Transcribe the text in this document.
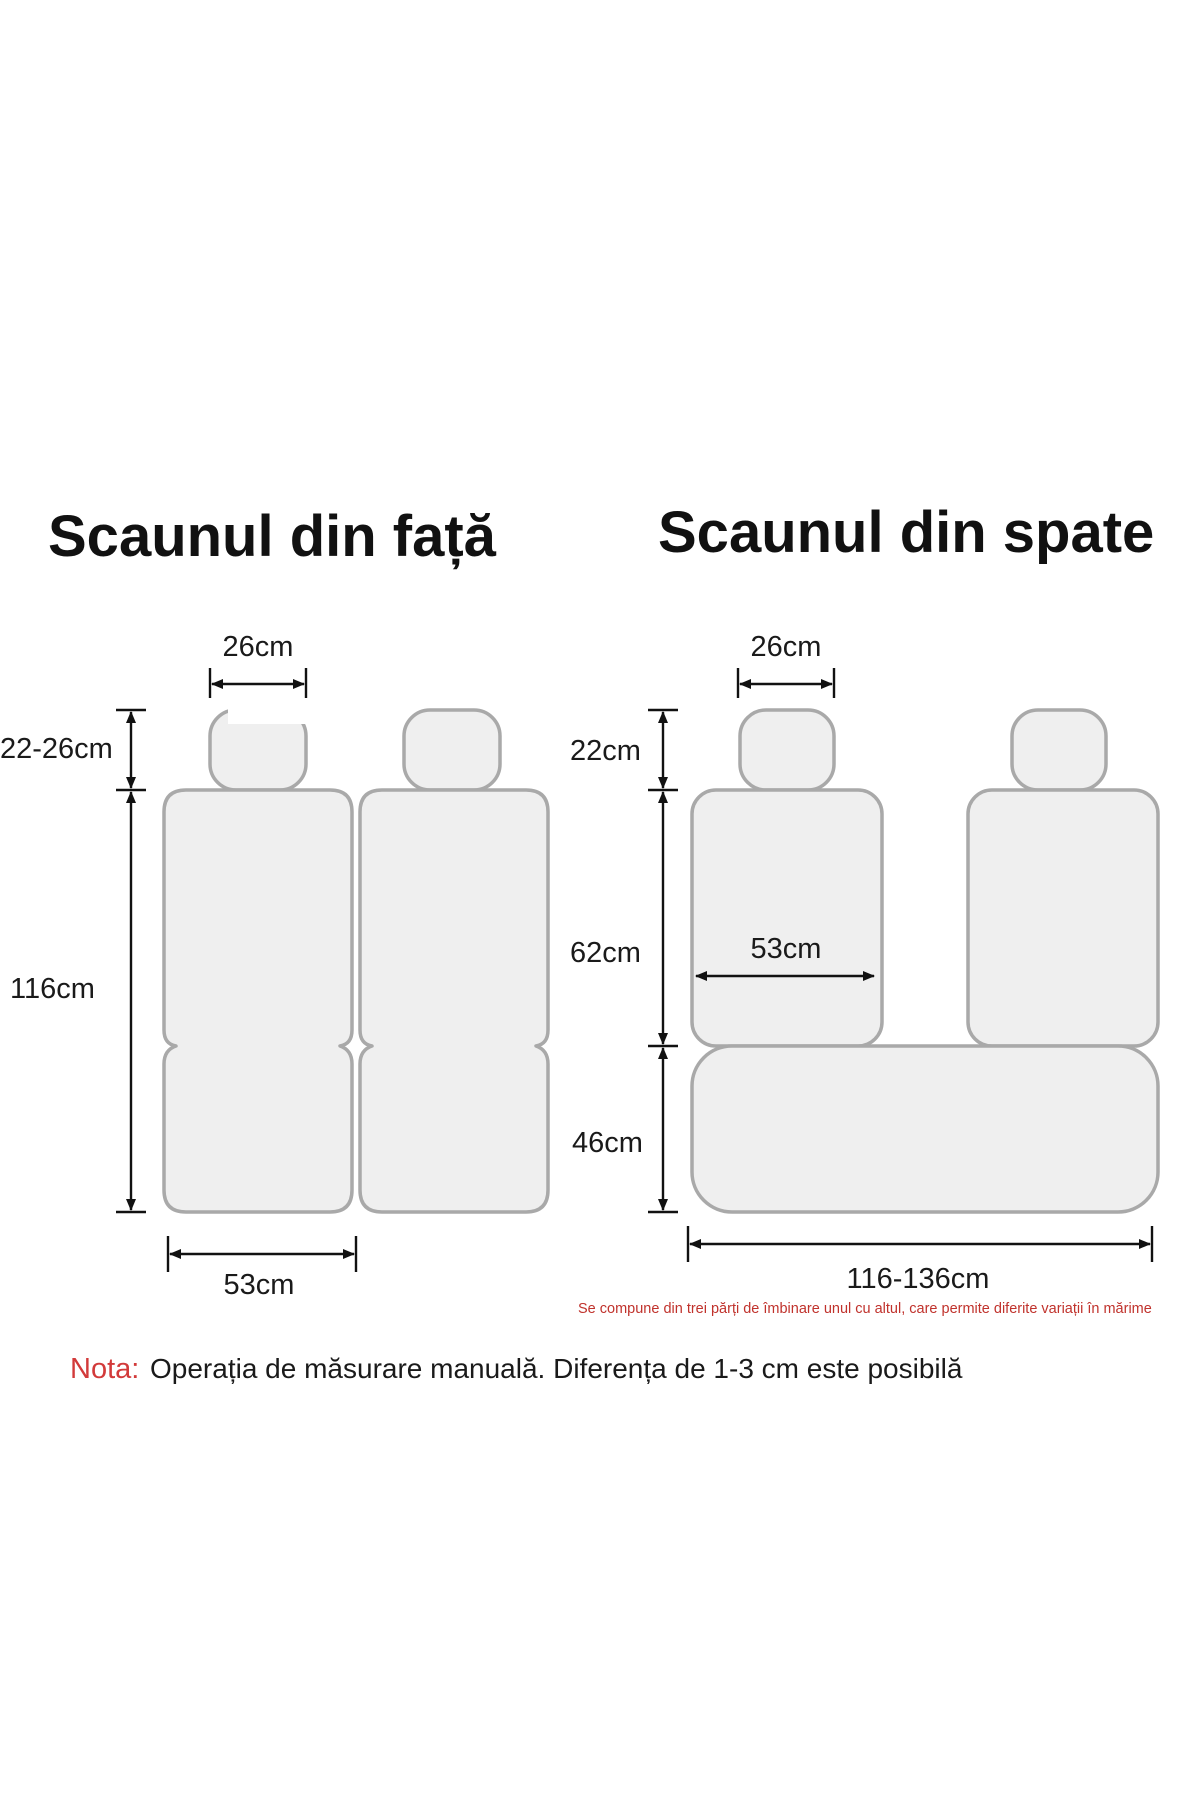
Scaunul din față	Scaunul din spate
26cm
22-26cm
116cm
53cm
26cm
22cm
62cm
46cm
53cm
116-136cm
Se compune din trei părți de îmbinare unul cu altul, care permite diferite variații în mărime
Nota: Operația de măsurare manuală. Diferența de 1-3 cm este posibilă
